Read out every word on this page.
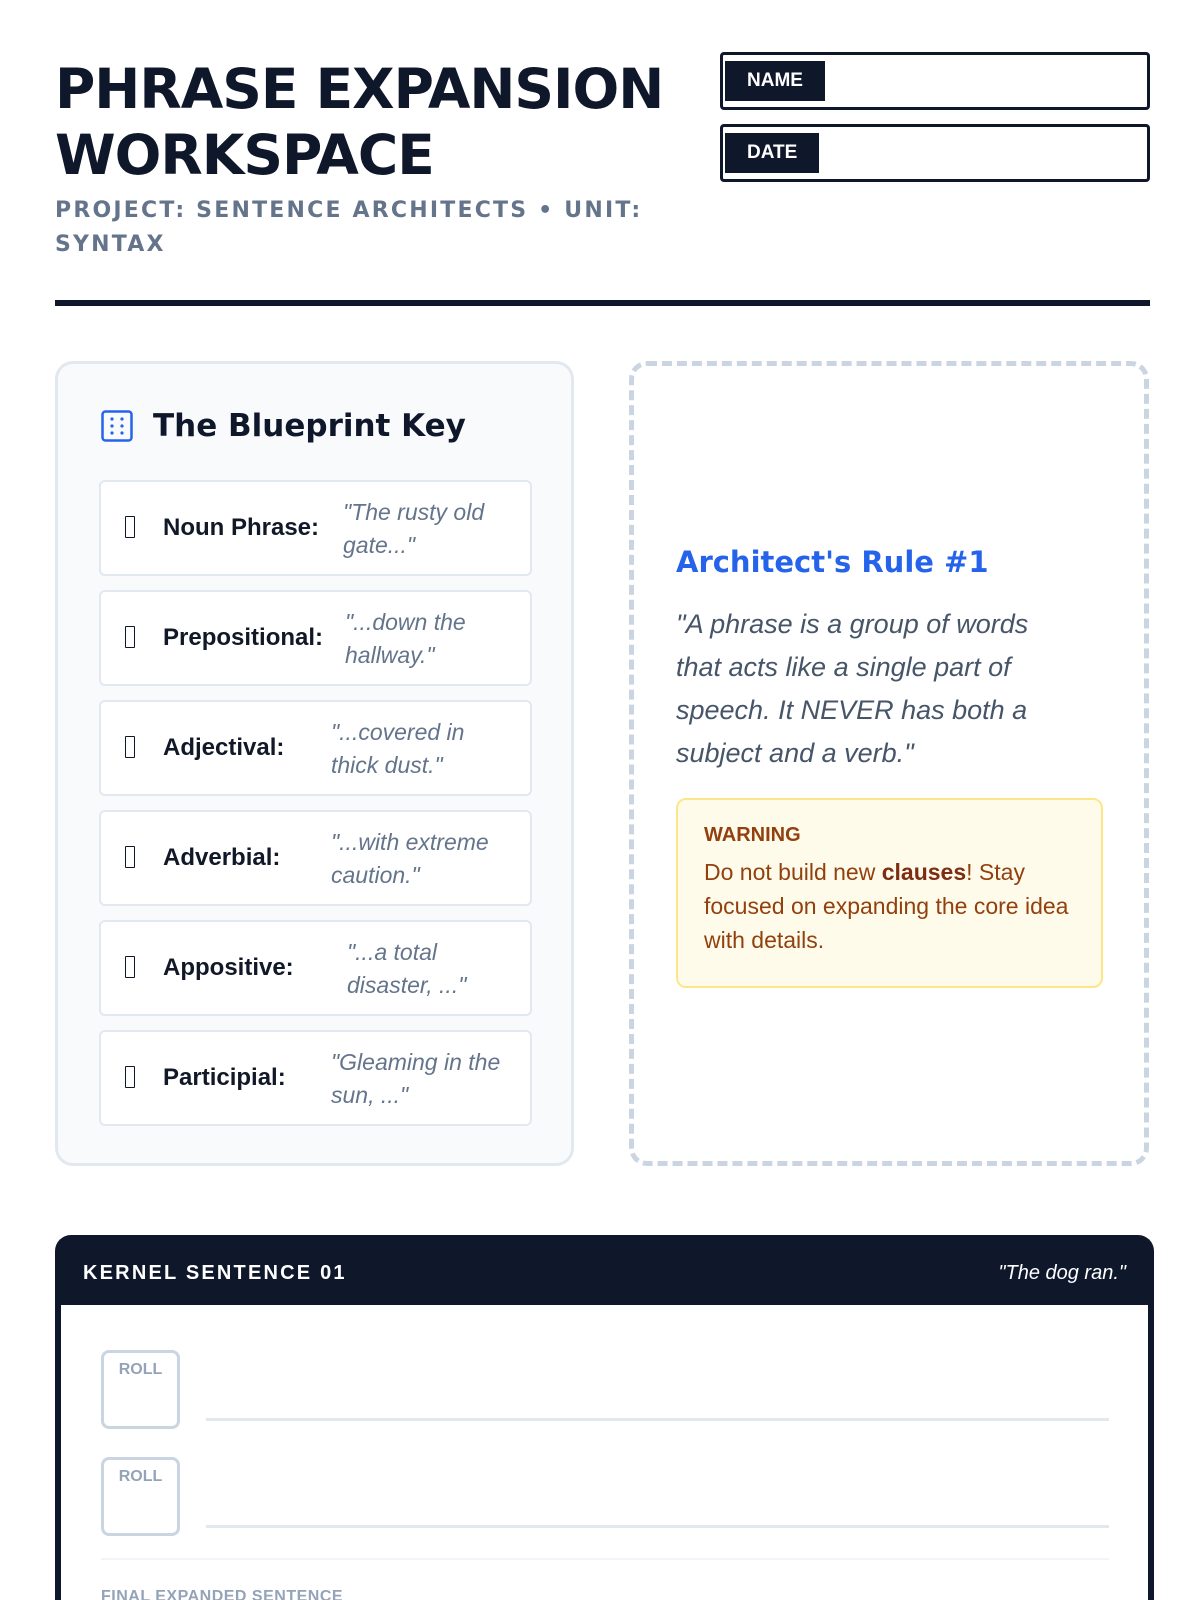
PHRASE EXPANSION WORKSPACE
PROJECT: SENTENCE ARCHITECTS • UNIT: SYNTAX
NAME
DATE
The Blueprint Key
Noun Phrase:
"The rusty old gate..."
Prepositional:
"...down the hallway."
Adjectival:
"...covered in thick dust."
Adverbial:
"...with extreme caution."
Appositive:
"...a total disaster, ..."
Participial:
"Gleaming in the sun, ..."
Architect's Rule #1

"A phrase is a group of words that acts like a single part of speech. It NEVER has both a subject and a verb."

WARNING

Do not build new clauses! Stay focused on expanding the core idea with details.

KERNEL SENTENCE 01	"The dog ran."
ROLL
ROLL
FINAL EXPANDED SENTENCE
